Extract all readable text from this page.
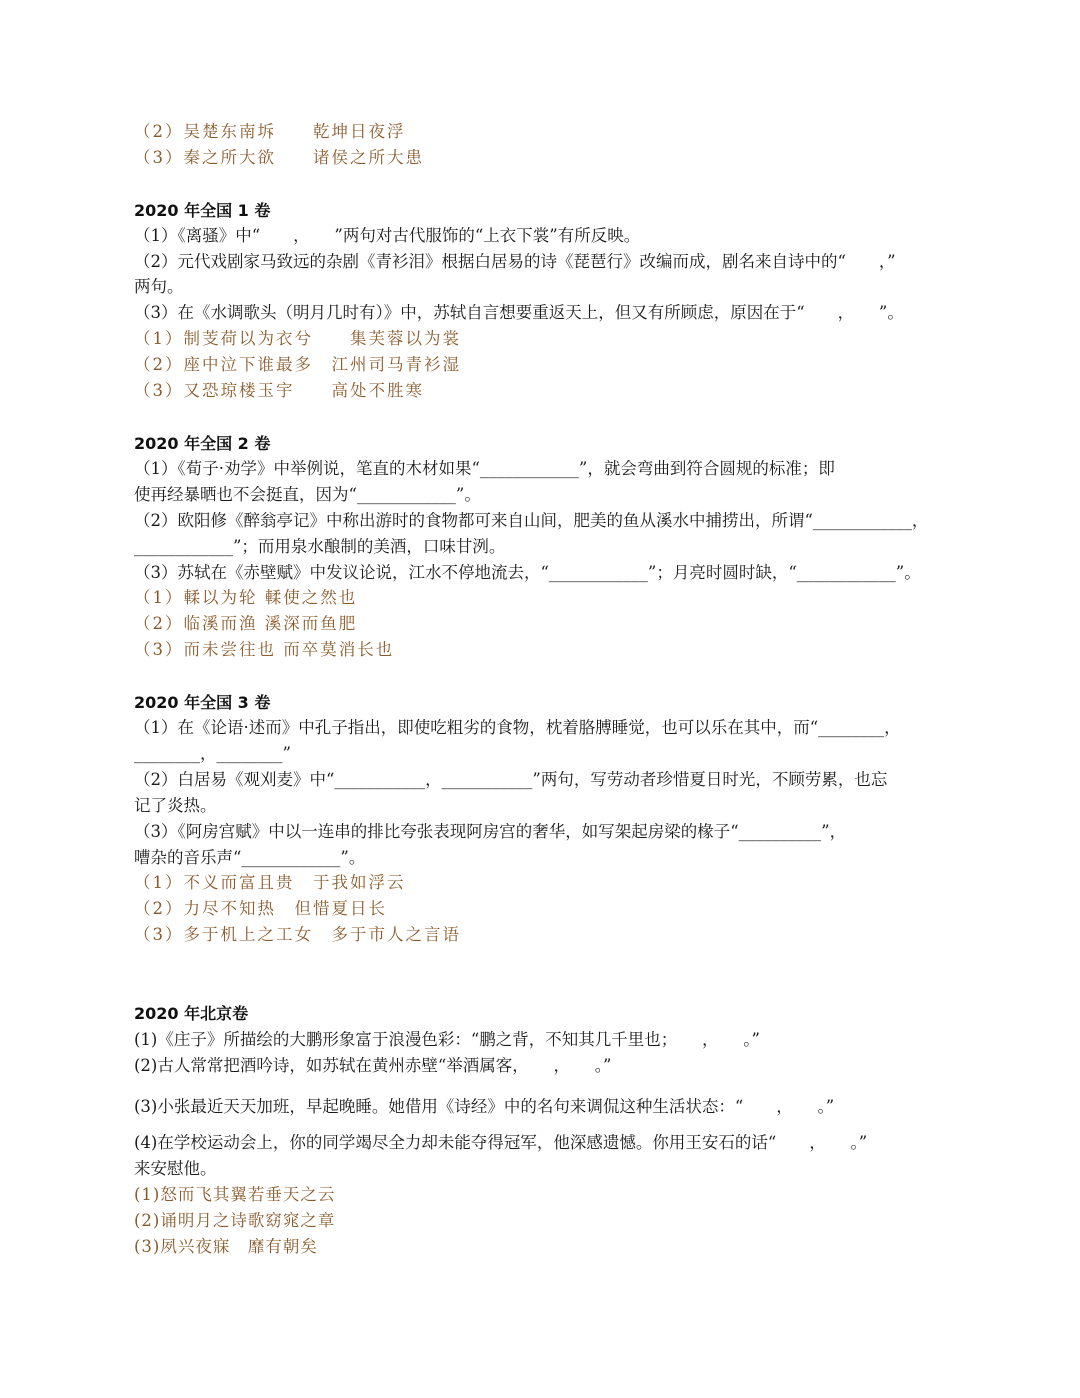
（2）吴楚东南坼　　乾坤日夜浮
（3）秦之所大欲　　诸侯之所大患
2020 年全国 1 卷
（1）《离骚》中“　　，　　”两句对古代服饰的“上衣下裳”有所反映。
（2）元代戏剧家马致远的杂剧《青衫泪》根据白居易的诗《琵琶行》改编而成，剧名来自诗中的“　　，”
两句。
（3）在《水调歌头（明月几时有）》中，苏轼自言想要重返天上，但又有所顾虑，原因在于“　　，　　”。
（1）制芰荷以为衣兮　　集芙蓉以为裳
（2）座中泣下谁最多　江州司马青衫湿
（3）又恐琼楼玉宇　　高处不胜寒
2020 年全国 2 卷
（1）《荀子·劝学》中举例说，笔直的木材如果“____________”，就会弯曲到符合圆规的标准；即
使再经暴晒也不会挺直，因为“____________”。
（2）欧阳修《醉翁亭记》中称出游时的食物都可来自山间，肥美的鱼从溪水中捕捞出，所谓“____________，
____________”；而用泉水酿制的美酒，口味甘洌。
（3）苏轼在《赤壁赋》中发议论说，江水不停地流去，“____________”；月亮时圆时缺，“____________”。
（1）輮以为轮 輮使之然也
（2）临溪而渔 溪深而鱼肥
（3）而未尝往也 而卒莫消长也
2020 年全国 3 卷
（1）在《论语·述而》中孔子指出，即使吃粗劣的食物，枕着胳膊睡觉，也可以乐在其中，而“________，
________，________”
（2）白居易《观刈麦》中“___________，___________”两句，写劳动者珍惜夏日时光，不顾劳累，也忘
记了炎热。
（3）《阿房宫赋》中以一连串的排比夸张表现阿房宫的奢华，如写架起房梁的椽子“__________”，
嘈杂的音乐声“____________”。
（1）不义而富且贵　于我如浮云
（2）力尽不知热　但惜夏日长
（3）多于机上之工女　多于市人之言语
2020 年北京卷
(1)《庄子》所描绘的大鹏形象富于浪漫色彩：“鹏之背，不知其几千里也；　　，　　。”
(2)古人常常把酒吟诗，如苏轼在黄州赤壁“举酒属客，　　，　　。”
(3)小张最近天天加班，早起晚睡。她借用《诗经》中的名句来调侃这种生活状态：“　　，　　。”
(4)在学校运动会上，你的同学竭尽全力却未能夺得冠军，他深感遗憾。你用王安石的话“　　，　　。”
来安慰他。
(1)怒而飞其翼若垂天之云
(2)诵明月之诗歌窈窕之章
(3)夙兴夜寐　靡有朝矣
